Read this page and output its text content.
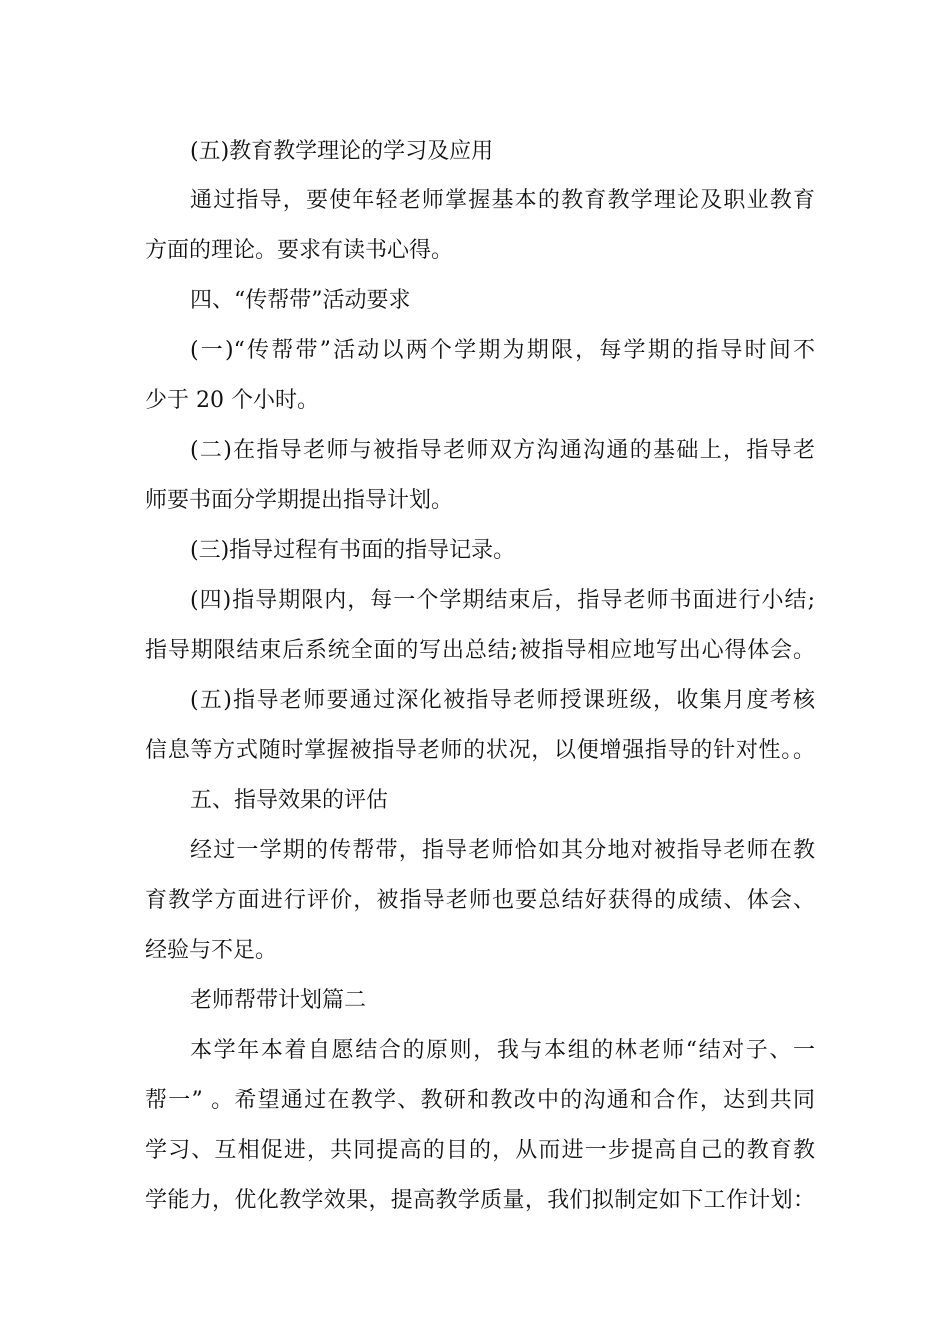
(五)教育教学理论的学习及应用
通过指导，要使年轻老师掌握基本的教育教学理论及职业教育
方面的理论。要求有读书心得。
四、“传帮带”活动要求
(一)“传帮带”活动以两个学期为期限，每学期的指导时间不
少于 20 个小时。
(二)在指导老师与被指导老师双方沟通沟通的基础上，指导老
师要书面分学期提出指导计划。
(三)指导过程有书面的指导记录。
(四)指导期限内，每一个学期结束后，指导老师书面进行小结;
指导期限结束后系统全面的写出总结;被指导相应地写出心得体会。
(五)指导老师要通过深化被指导老师授课班级，收集月度考核
信息等方式随时掌握被指导老师的状况，以便增强指导的针对性。。
五、指导效果的评估
经过一学期的传帮带，指导老师恰如其分地对被指导老师在教
育教学方面进行评价，被指导老师也要总结好获得的成绩、体会、
经验与不足。
老师帮带计划篇二
本学年本着自愿结合的原则，我与本组的林老师“结对子、一
帮一” 。希望通过在教学、教研和教改中的沟通和合作，达到共同
学习、互相促进，共同提高的目的，从而进一步提高自己的教育教
学能力，优化教学效果，提高教学质量，我们拟制定如下工作计划：
